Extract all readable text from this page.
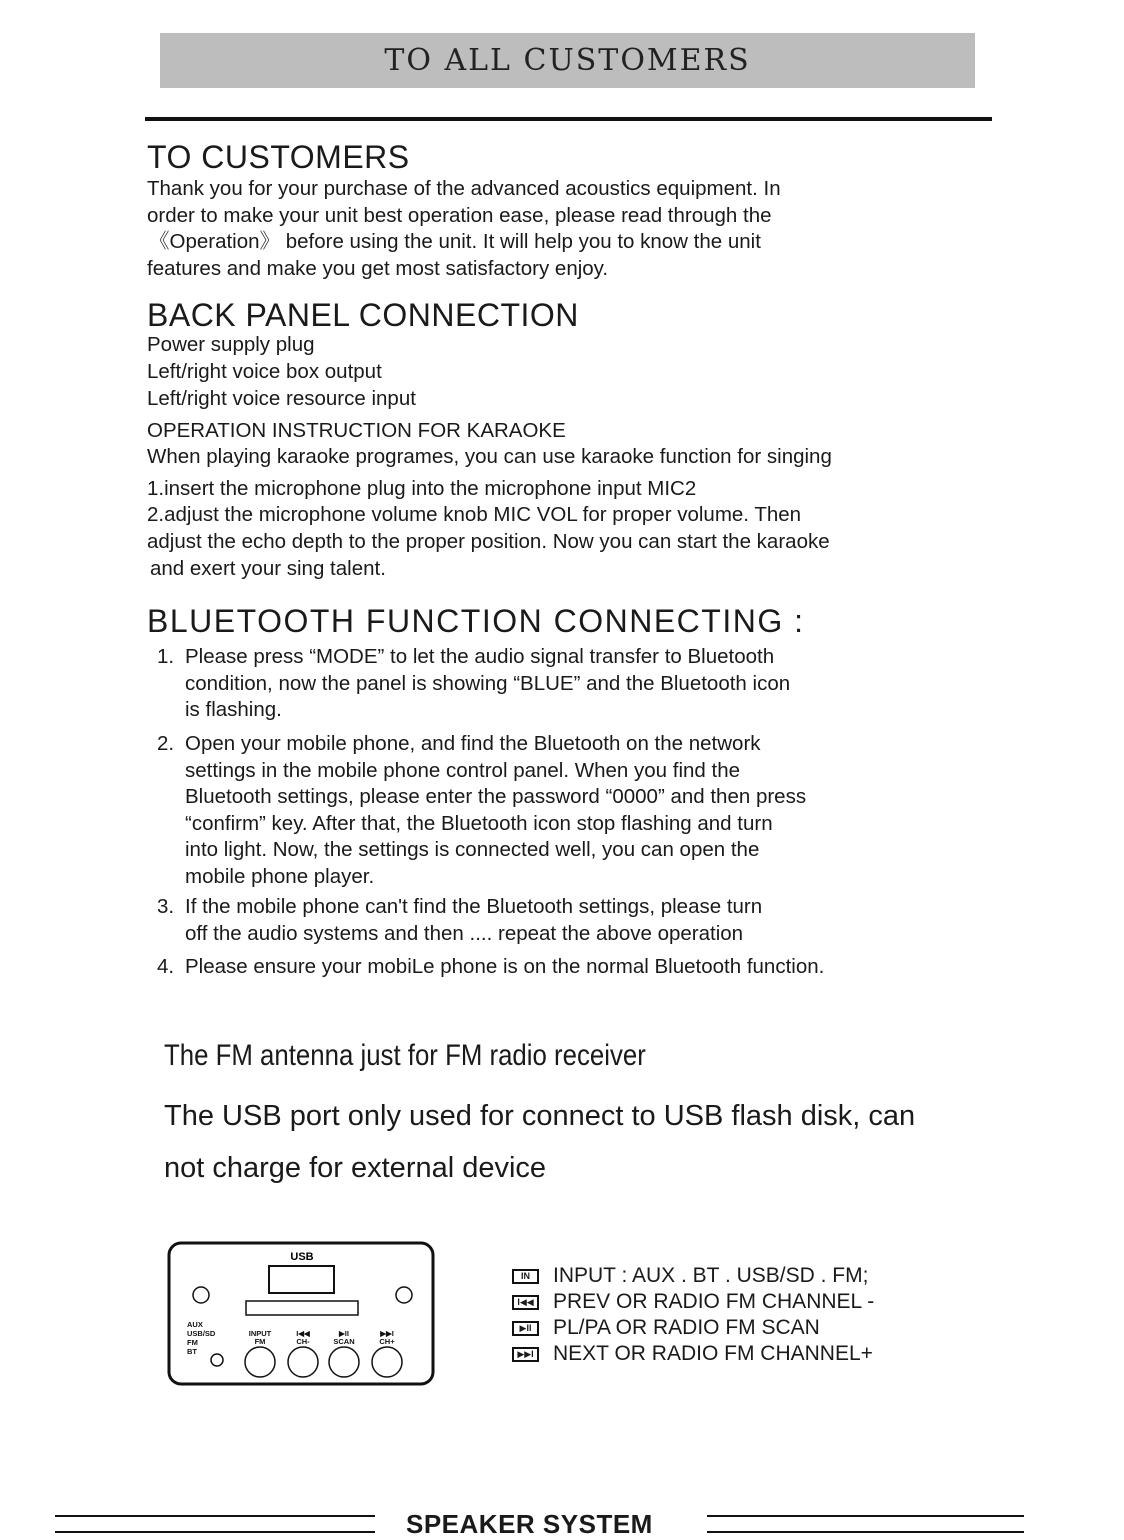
TO ALL CUSTOMERS
TO CUSTOMERS

Thank you for your purchase of the advanced acoustics equipment. In

order to make your unit best operation ease, please read through the

《Operation》 before using the unit. It will help you to know the unit

features and make you get most satisfactory enjoy.

BACK PANEL CONNECTION

Power supply plug

Left/right voice box output

Left/right voice resource input

OPERATION INSTRUCTION FOR KARAOKE

When playing karaoke programes, you can use karaoke function for singing

1.insert the microphone plug into the microphone input MIC2

2.adjust the microphone volume knob MIC VOL for proper volume. Then

adjust the echo depth to the proper position. Now you can start the karaoke

and exert your sing talent.

BLUETOOTH FUNCTION CONNECTING :
1. Please press “MODE” to let the audio signal transfer to Bluetooth
condition, now the panel is showing “BLUE” and the Bluetooth icon
is flashing.
2. Open your mobile phone, and find the Bluetooth on the network
settings in the mobile phone control panel. When you find the
Bluetooth settings, please enter the password “0000” and then press
“confirm” key. After that, the Bluetooth icon stop flashing and turn
into light. Now, the settings is connected well, you can open the
mobile phone player.
3. If the mobile phone can't find the Bluetooth settings, please turn
off the audio systems and then .... repeat the above operation
4. Please ensure your mobiLe phone is on the normal Bluetooth function.
The FM antenna just for FM radio receiver
The USB port only used for connect to USB flash disk, can
not charge for external device
USB
AUX
USB/SD
FM
BT
INPUT
FM
I◀◀
CH-
▶II
SCAN
▶▶I
CH+
IN	INPUT : AUX . BT . USB/SD . FM;
I◀◀ PREV OR RADIO FM CHANNEL -
▶II	PL/PA OR RADIO FM SCAN
▶▶I NEXT OR RADIO FM CHANNEL+
SPEAKER SYSTEM
